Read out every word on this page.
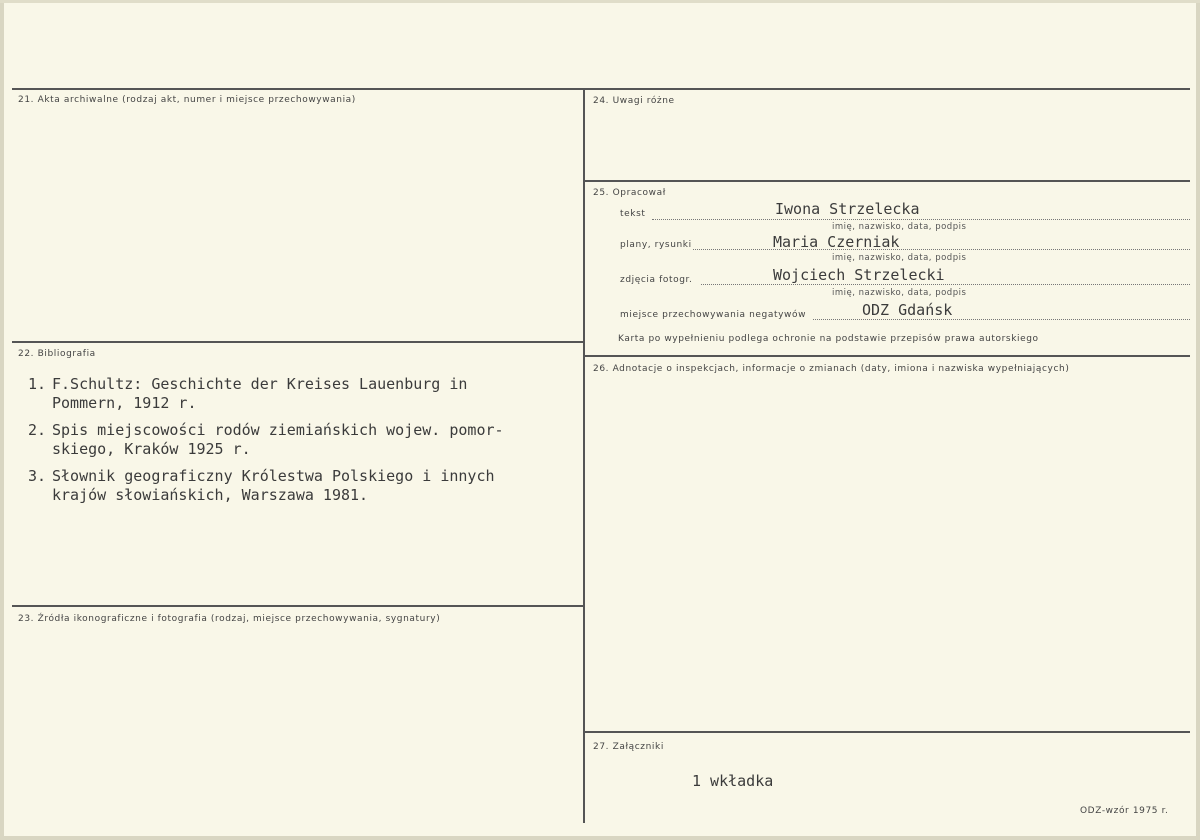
21. Akta archiwalne (rodzaj akt, numer i miejsce przechowywania)
22. Bibliografia
1. F.Schultz: Geschichte der Kreises Lauenburg in
Pommern, 1912 r.
2. Spis miejscowości rodów ziemiańskich wojew. pomor-
skiego, Kraków 1925 r.
3. Słownik geograficzny Królestwa Polskiego i innych
krajów słowiańskich, Warszawa 1981.
23. Źródła ikonograficzne i fotografia (rodzaj, miejsce przechowywania, sygnatury)
24. Uwagi różne
25. Opracował
tekst	Iwona Strzelecka
imię, nazwisko, data, podpis
plany, rysunki	Maria Czerniak
imię, nazwisko, data, podpis
zdjęcia fotogr.	Wojciech Strzelecki
imię, nazwisko, data, podpis
miejsce przechowywania negatywów	ODZ Gdańsk
Karta po wypełnieniu podlega ochronie na podstawie przepisów prawa autorskiego
26. Adnotacje o inspekcjach, informacje o zmianach (daty, imiona i nazwiska wypełniających)
27. Załączniki
1 wkładka
ODZ-wzór 1975 r.
